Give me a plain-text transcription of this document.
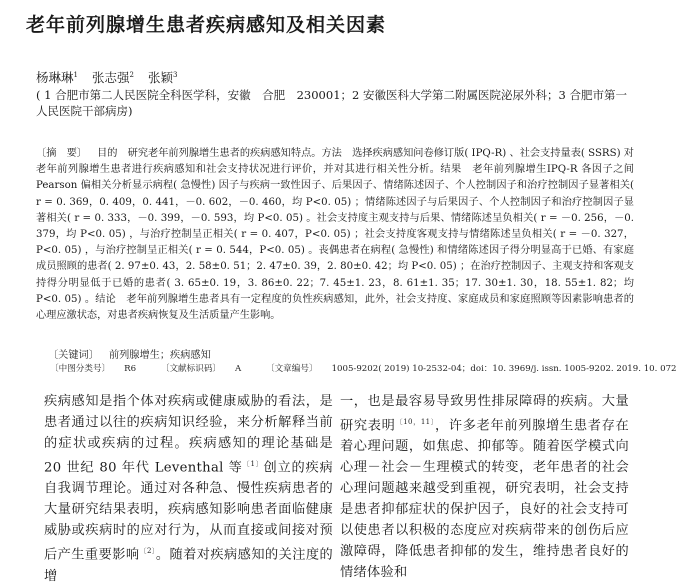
老年前列腺增生患者疾病感知及相关因素
杨琳琳$^1$ 张志强$^2$ 张颖$^3$
( 1 合肥市第二人民医院全科医学科，安徽　合肥　230001；2 安徽医科大学第二附属医院泌尿外科；3 合肥市第一人民医院干部病房)
〔摘　要〕 目的　研究老年前列腺增生患者的疾病感知特点。方法　选择疾病感知问卷修订版( IPQ-R) 、社会支持量表( SSRS) 对老年前列腺增生患者进行疾病感知和社会支持状况进行评价，并对其进行相关性分析。结果　老年前列腺增生IPQ-R 各因子之间 Pearson 偏相关分析显示病程( 急慢性) 因子与疾病一致性因子、后果因子、情绪陈述因子、个人控制因子和治疗控制因子显著相关( r = 0. 369，0. 409，0. 441，－0. 602，－0. 460，均 P<0. 05) ；情绪陈述因子与后果因子、个人控制因子和治疗控制因子显著相关( r = 0. 333，－0. 399，－0. 593，均 P<0. 05) 。社会支持度主观支持与后果、情绪陈述呈负相关( r = －0. 256，－0. 379，均 P<0. 05) ，与治疗控制呈正相关( r = 0. 407，P<0. 05) ；社会支持度客观支持与情绪陈述呈负相关( r = －0. 327，P<0. 05) ，与治疗控制呈正相关( r = 0. 544，P<0. 05) 。丧偶患者在病程( 急慢性) 和情绪陈述因子得分明显高于已婚、有家庭成员照顾的患者( 2. 97±0. 43，2. 58±0. 51；2. 47±0. 39，2. 80±0. 42；均 P<0. 05) ；在治疗控制因子、主观支持和客观支持得分明显低于已婚的患者( 3. 65±0. 19，3. 86±0. 22；7. 45±1. 23，8. 61±1. 35；17. 30±1. 30，18. 55±1. 82；均 P<0. 05) 。结论　老年前列腺增生患者具有一定程度的负性疾病感知，此外，社会支持度、家庭成员和家庭照顾等因素影响患者的心理应激状态，对患者疾病恢复及生活质量产生影响。
〔关键词〕 前列腺增生；疾病感知
〔中图分类号〕 R6	〔文献标识码〕 A	〔文章编号〕 1005-9202( 2019) 10-2532-04；doi：10. 3969/j. issn. 1005-9202. 2019. 10. 072
疾病感知是指个体对疾病或健康威胁的看法，是患者通过以往的疾病知识经验，来分析解释当前的症状或疾病的过程。疾病感知的理论基础是 20 世纪 80 年代 Leventhal 等$^{〔1〕}$创立的疾病自我调节理论。通过对各种急、慢性疾病患者的大量研究结果表明，疾病感知影响患者面临健康威胁或疾病时的应对行为，从而直接或间接对预后产生重要影响$^{〔2〕}$。随着对疾病感知的关注度的增
一，也是最容易导致男性排尿障碍的疾病。大量研究表明$^{〔10,11〕}$，许多老年前列腺增生患者存在着心理问题，如焦虑、抑郁等。随着医学模式向心理－社会－生理模式的转变，老年患者的社会心理问题越来越受到重视，研究表明，社会支持是患者抑郁症状的保护因子，良好的社会支持可以使患者以积极的态度应对疾病带来的创伤后应激障碍，降低患者抑郁的发生，维持患者良好的情绪体验和
